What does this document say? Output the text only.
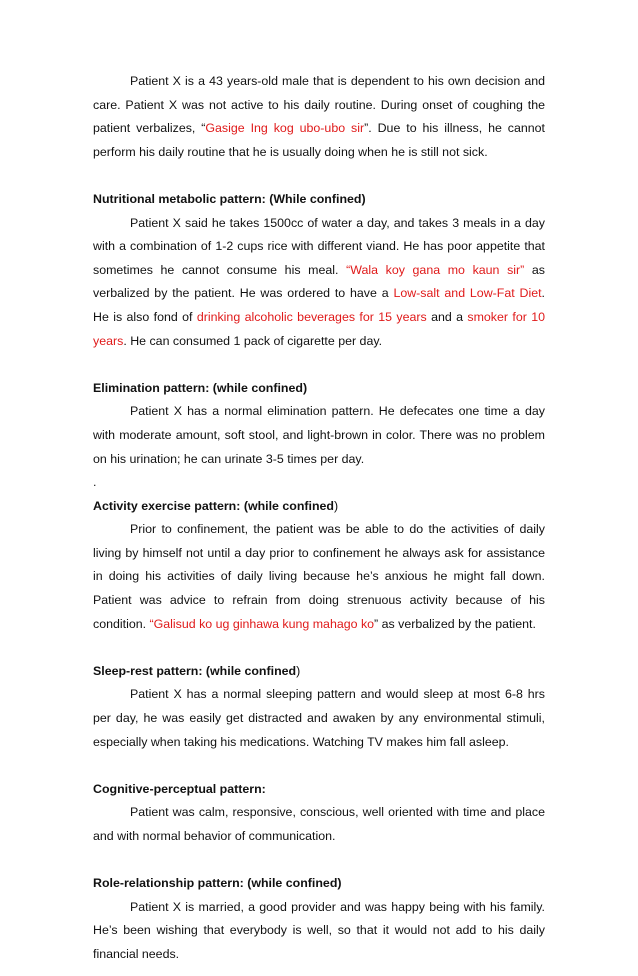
Patient X is a 43 years-old male that is dependent to his own decision and care. Patient X was not active to his daily routine. During onset of coughing the patient verbalizes, “Gasige Ing kog ubo-ubo sir”. Due to his illness, he cannot perform his daily routine that he is usually doing when he is still not sick.

Nutritional metabolic pattern: (While confined)

Patient X said he takes 1500cc of water a day, and takes 3 meals in a day with a combination of 1-2 cups rice with different viand. He has poor appetite that sometimes he cannot consume his meal. “Wala koy gana mo kaun sir” as verbalized by the patient. He was ordered to have a Low-salt and Low-Fat Diet. He is also fond of drinking alcoholic beverages for 15 years and a smoker for 10 years. He can consumed 1 pack of cigarette per day.

Elimination pattern: (while confined)

Patient X has a normal elimination pattern. He defecates one time a day with moderate amount, soft stool, and light-brown in color. There was no problem on his urination; he can urinate 3-5 times per day.

.

Activity exercise pattern: (while confined)

Prior to confinement, the patient was be able to do the activities of daily living by himself not until a day prior to confinement he always ask for assistance in doing his activities of daily living because he’s anxious he might fall down. Patient was advice to refrain from doing strenuous activity because of his condition. “Galisud ko ug ginhawa kung mahago ko” as verbalized by the patient.

Sleep-rest pattern: (while confined)

Patient X has a normal sleeping pattern and would sleep at most 6-8 hrs per day, he was easily get distracted and awaken by any environmental stimuli, especially when taking his medications. Watching TV makes him fall asleep.

Cognitive-perceptual pattern:

Patient was calm, responsive, conscious, well oriented with time and place and with normal behavior of communication.

Role-relationship pattern: (while confined)

Patient X is married, a good provider and was happy being with his family. He’s been wishing that everybody is well, so that it would not add to his daily financial needs.
